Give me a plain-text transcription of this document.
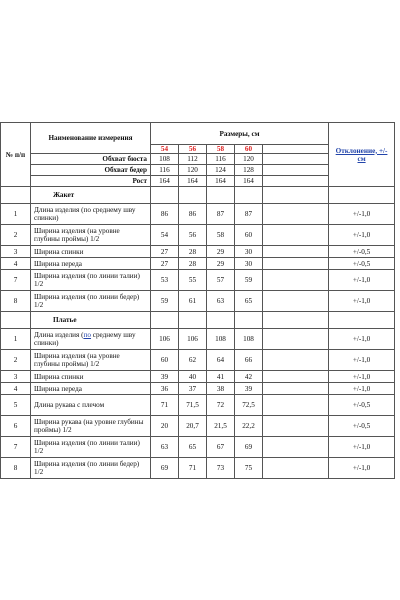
№ п/п	Наименование измерения	Размеры, см					Отклонение, +/- см
		54	56	58	60		
	Обхват бюста	108	112	116	120		
	Обхват бедер	116	120	124	128		
	Рост	164	164	164	164		
	Жакет						
1	Длина изделия (по среднему шву спинки)	86	86	87	87		+/-1,0
2	Ширина изделия (на уровне глубины проймы) 1/2	54	56	58	60		+/-1,0
3	Ширина спинки	27	28	29	30		+/-0,5
4	Ширина переда	27	28	29	30		+/-0,5
7	Ширина изделия (по линии талии) 1/2	53	55	57	59		+/-1,0
8	Ширина изделия (по линии бедер) 1/2	59	61	63	65		+/-1,0
	Платье						
1	Длина изделия (по среднему шву спинки)	106	106	108	108		+/-1,0
2	Ширина изделия (на уровне глубины проймы) 1/2	60	62	64	66		+/-1,0
3	Ширина спинки	39	40	41	42		+/-1,0
4	Ширина переда	36	37	38	39		+/-1,0
5	Длина рукава с плечом	71	71,5	72	72,5		+/-0,5
6	Ширина рукава (на уровне глубины проймы) 1/2	20	20,7	21,5	22,2		+/-0,5
7	Ширина изделия (по линии талии) 1/2	63	65	67	69		+/-1,0
8	Ширина изделия (по линии бедер) 1/2	69	71	73	75		+/-1,0
